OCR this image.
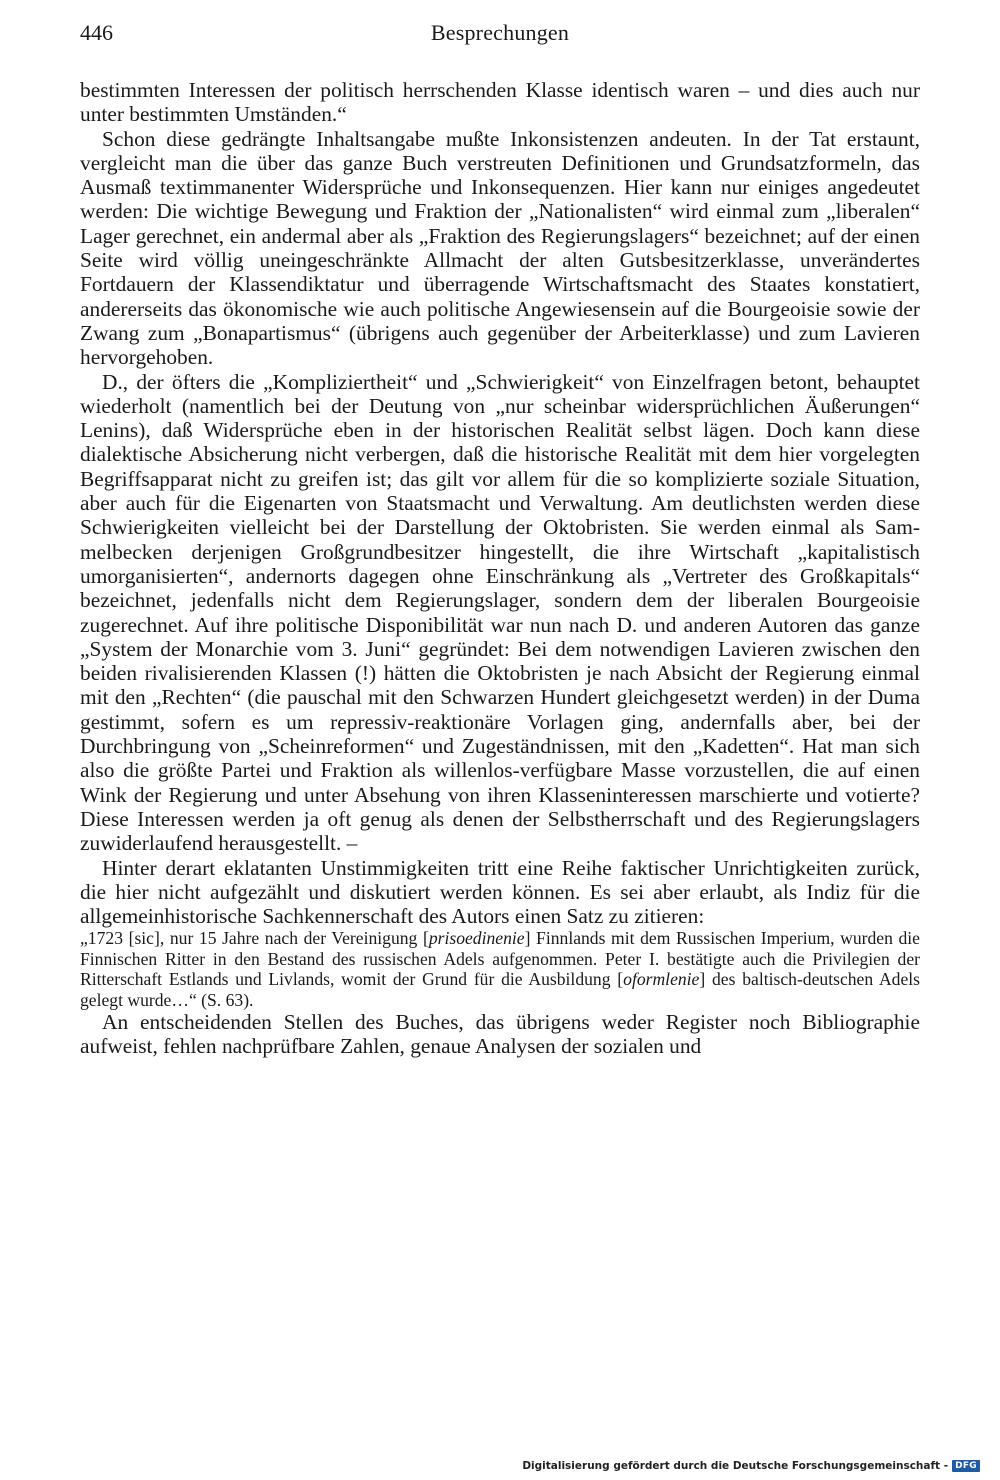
446	Besprechungen

bestimmten Interessen der politisch herrschenden Klasse identisch waren – und dies auch nur unter bestimmten Umständen.“

Schon diese gedrängte Inhaltsangabe mußte Inkonsistenzen andeuten. In der Tat erstaunt, vergleicht man die über das ganze Buch verstreuten Definitionen und Grundsatzformeln, das Ausmaß textimmanenter Widersprüche und Inkonsequenzen. Hier kann nur einiges angedeutet werden: Die wichtige Bewegung und Fraktion der „Nationalisten“ wird einmal zum „liberalen“ Lager gerechnet, ein andermal aber als „Fraktion des Regierungslagers“ bezeichnet; auf der einen Seite wird völlig uneingeschränkte Allmacht der alten Gutsbesitzerklasse, unverändertes Fortdauern der Klassendiktatur und überragende Wirtschaftsmacht des Staates konstatiert, andererseits das ökonomische wie auch politische Angewiesensein auf die Bourgeoisie sowie der Zwang zum „Bonapartismus“ (übrigens auch gegenüber der Arbeiterklasse) und zum Lavieren hervorgehoben.

D., der öfters die „Kompliziertheit“ und „Schwierigkeit“ von Einzelfragen betont, behauptet wiederholt (namentlich bei der Deutung von „nur scheinbar widersprüchlichen Äußerungen“ Lenins), daß Widersprüche eben in der historischen Realität selbst lägen. Doch kann diese dialektische Absicherung nicht verbergen, daß die historische Realität mit dem hier vorgelegten Begriffsapparat nicht zu greifen ist; das gilt vor allem für die so komplizierte soziale Situation, aber auch für die Eigenarten von Staatsmacht und Verwaltung. Am deutlichsten werden diese Schwierigkeiten vielleicht bei der Darstellung der Oktobristen. Sie werden einmal als Sammelbecken derjenigen Großgrundbesitzer hingestellt, die ihre Wirtschaft „kapitalistisch umorganisierten“, andernorts dagegen ohne Einschränkung als „Vertreter des Großkapitals“ bezeichnet, jedenfalls nicht dem Regierungslager, sondern dem der liberalen Bourgeoisie zugerechnet. Auf ihre politische Disponibilität war nun nach D. und anderen Autoren das ganze „System der Monarchie vom 3. Juni“ gegründet: Bei dem notwendigen Lavieren zwischen den beiden rivalisierenden Klassen (!) hätten die Oktobristen je nach Absicht der Regierung einmal mit den „Rechten“ (die pauschal mit den Schwarzen Hundert gleichgesetzt werden) in der Duma gestimmt, sofern es um repressiv-reaktionäre Vorlagen ging, andernfalls aber, bei der Durchbringung von „Scheinreformen“ und Zugeständnissen, mit den „Kadetten“. Hat man sich also die größte Partei und Fraktion als willenlos-verfügbare Masse vorzustellen, die auf einen Wink der Regierung und unter Absehung von ihren Klasseninteressen marschierte und votierte? Diese Interessen werden ja oft genug als denen der Selbstherrschaft und des Regierungslagers zuwiderlaufend herausgestellt. –

Hinter derart eklatanten Unstimmigkeiten tritt eine Reihe faktischer Unrichtigkeiten zurück, die hier nicht aufgezählt und diskutiert werden können. Es sei aber erlaubt, als Indiz für die allgemeinhistorische Sachkennerschaft des Autors einen Satz zu zitieren:

„1723 [sic], nur 15 Jahre nach der Vereinigung [prisoedinenie] Finnlands mit dem Russischen Imperium, wurden die Finnischen Ritter in den Bestand des russischen Adels aufgenommen. Peter I. bestätigte auch die Privilegien der Ritterschaft Estlands und Livlands, womit der Grund für die Ausbildung [oformlenie] des baltisch-deutschen Adels gelegt wurde…“ (S. 63).

An entscheidenden Stellen des Buches, das übrigens weder Register noch Bibliographie aufweist, fehlen nachprüfbare Zahlen, genaue Analysen der sozialen und

Digitalisierung gefördert durch die Deutsche Forschungsgemeinschaft - DFG
